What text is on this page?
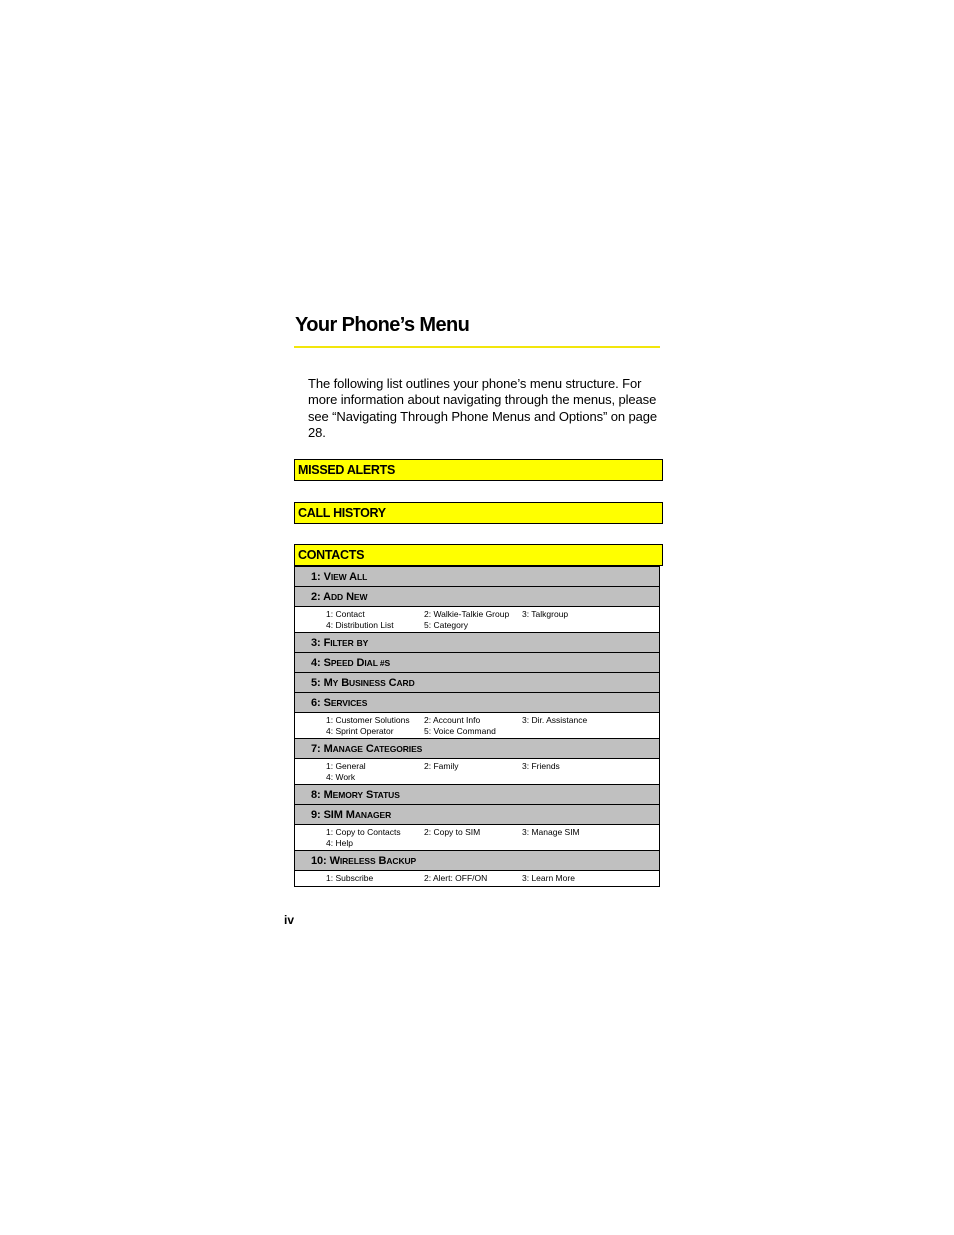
Your Phone’s Menu

The following list outlines your phone’s menu structure. For more information about navigating through the menus, please see “Navigating Through Phone Menus and Options” on page 28.

MISSED ALERTS
CALL HISTORY
CONTACTS
1: VIEW ALL
2: ADD NEW

1: Contact	2: Walkie-Talkie Group	3: Talkgroup
4: Distribution List	5: Category

3: FILTER BY
4: SPEED DIAL #S
5: MY BUSINESS CARD
6: SERVICES

1: Customer Solutions	2: Account Info	3: Dir. Assistance
4: Sprint Operator	5: Voice Command

7: MANAGE CATEGORIES

1: General	2: Family	3: Friends
4: Work

8: MEMORY STATUS
9: SIM MANAGER

1: Copy to Contacts	2: Copy to SIM	3: Manage SIM
4: Help

10: WIRELESS BACKUP

1: Subscribe	2: Alert: OFF/ON	3: Learn More
iv
